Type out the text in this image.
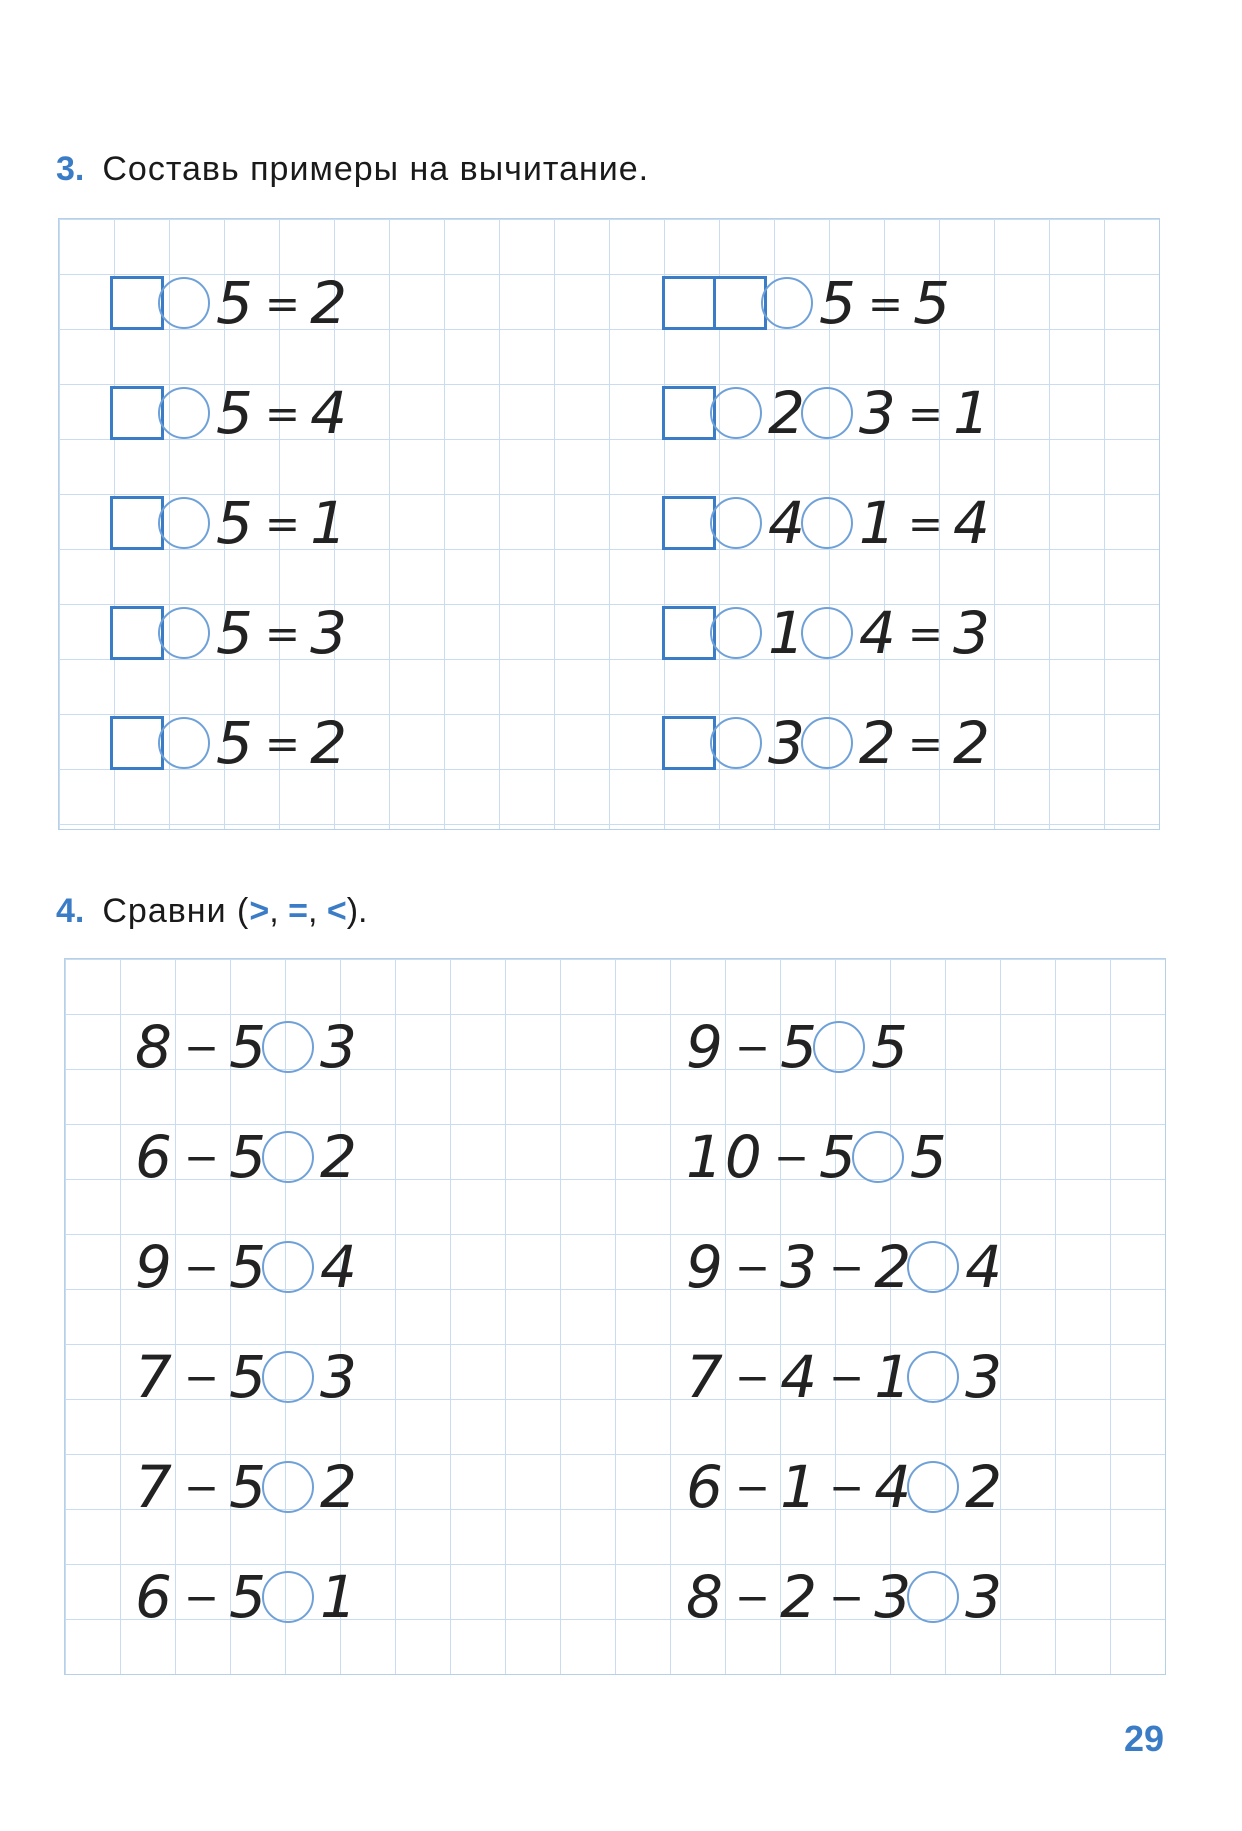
3. Составь примеры на вычитание.
5 = 2
5 = 4
5 = 1
5 = 3
5 = 2
5 = 5
2 3 = 1
4 1 = 4
1 4 = 3
3 2 = 2
4. Сравни (>, =, <).
8 − 5 3
6 − 5 2
9 − 5 4
7 − 5 3
7 − 5 2
6 − 5 1
9 − 5 5
10 − 5 5
9 − 3 − 2 4
7 − 4 − 1 3
6 − 1 − 4 2
8 − 2 − 3 3
29
